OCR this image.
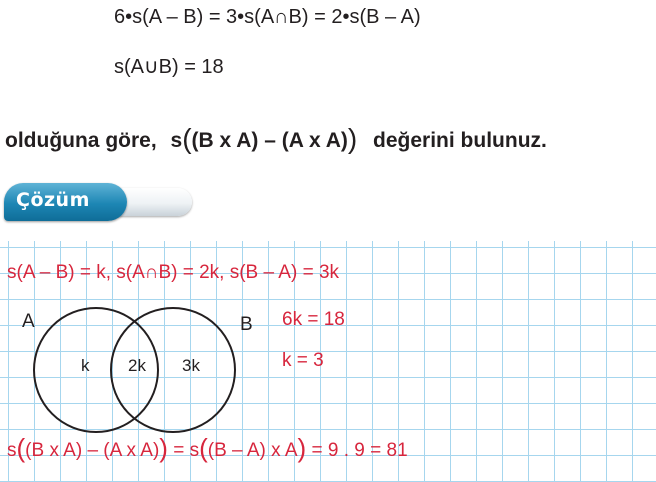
6•s(A – B) = 3•s(A∩B) = 2•s(B – A)
s(A∪B) = 18
olduğuna göre, s((B x A) – (A x A)) değerini bulunuz.
Çözüm
s(A – B) = k, s(A∩B) = 2k, s(B – A) = 3k
A	B
k 2k 3k
6k = 18
k = 3
s((B x A) – (A x A)) = s((B – A) x A) = 9 . 9 = 81
